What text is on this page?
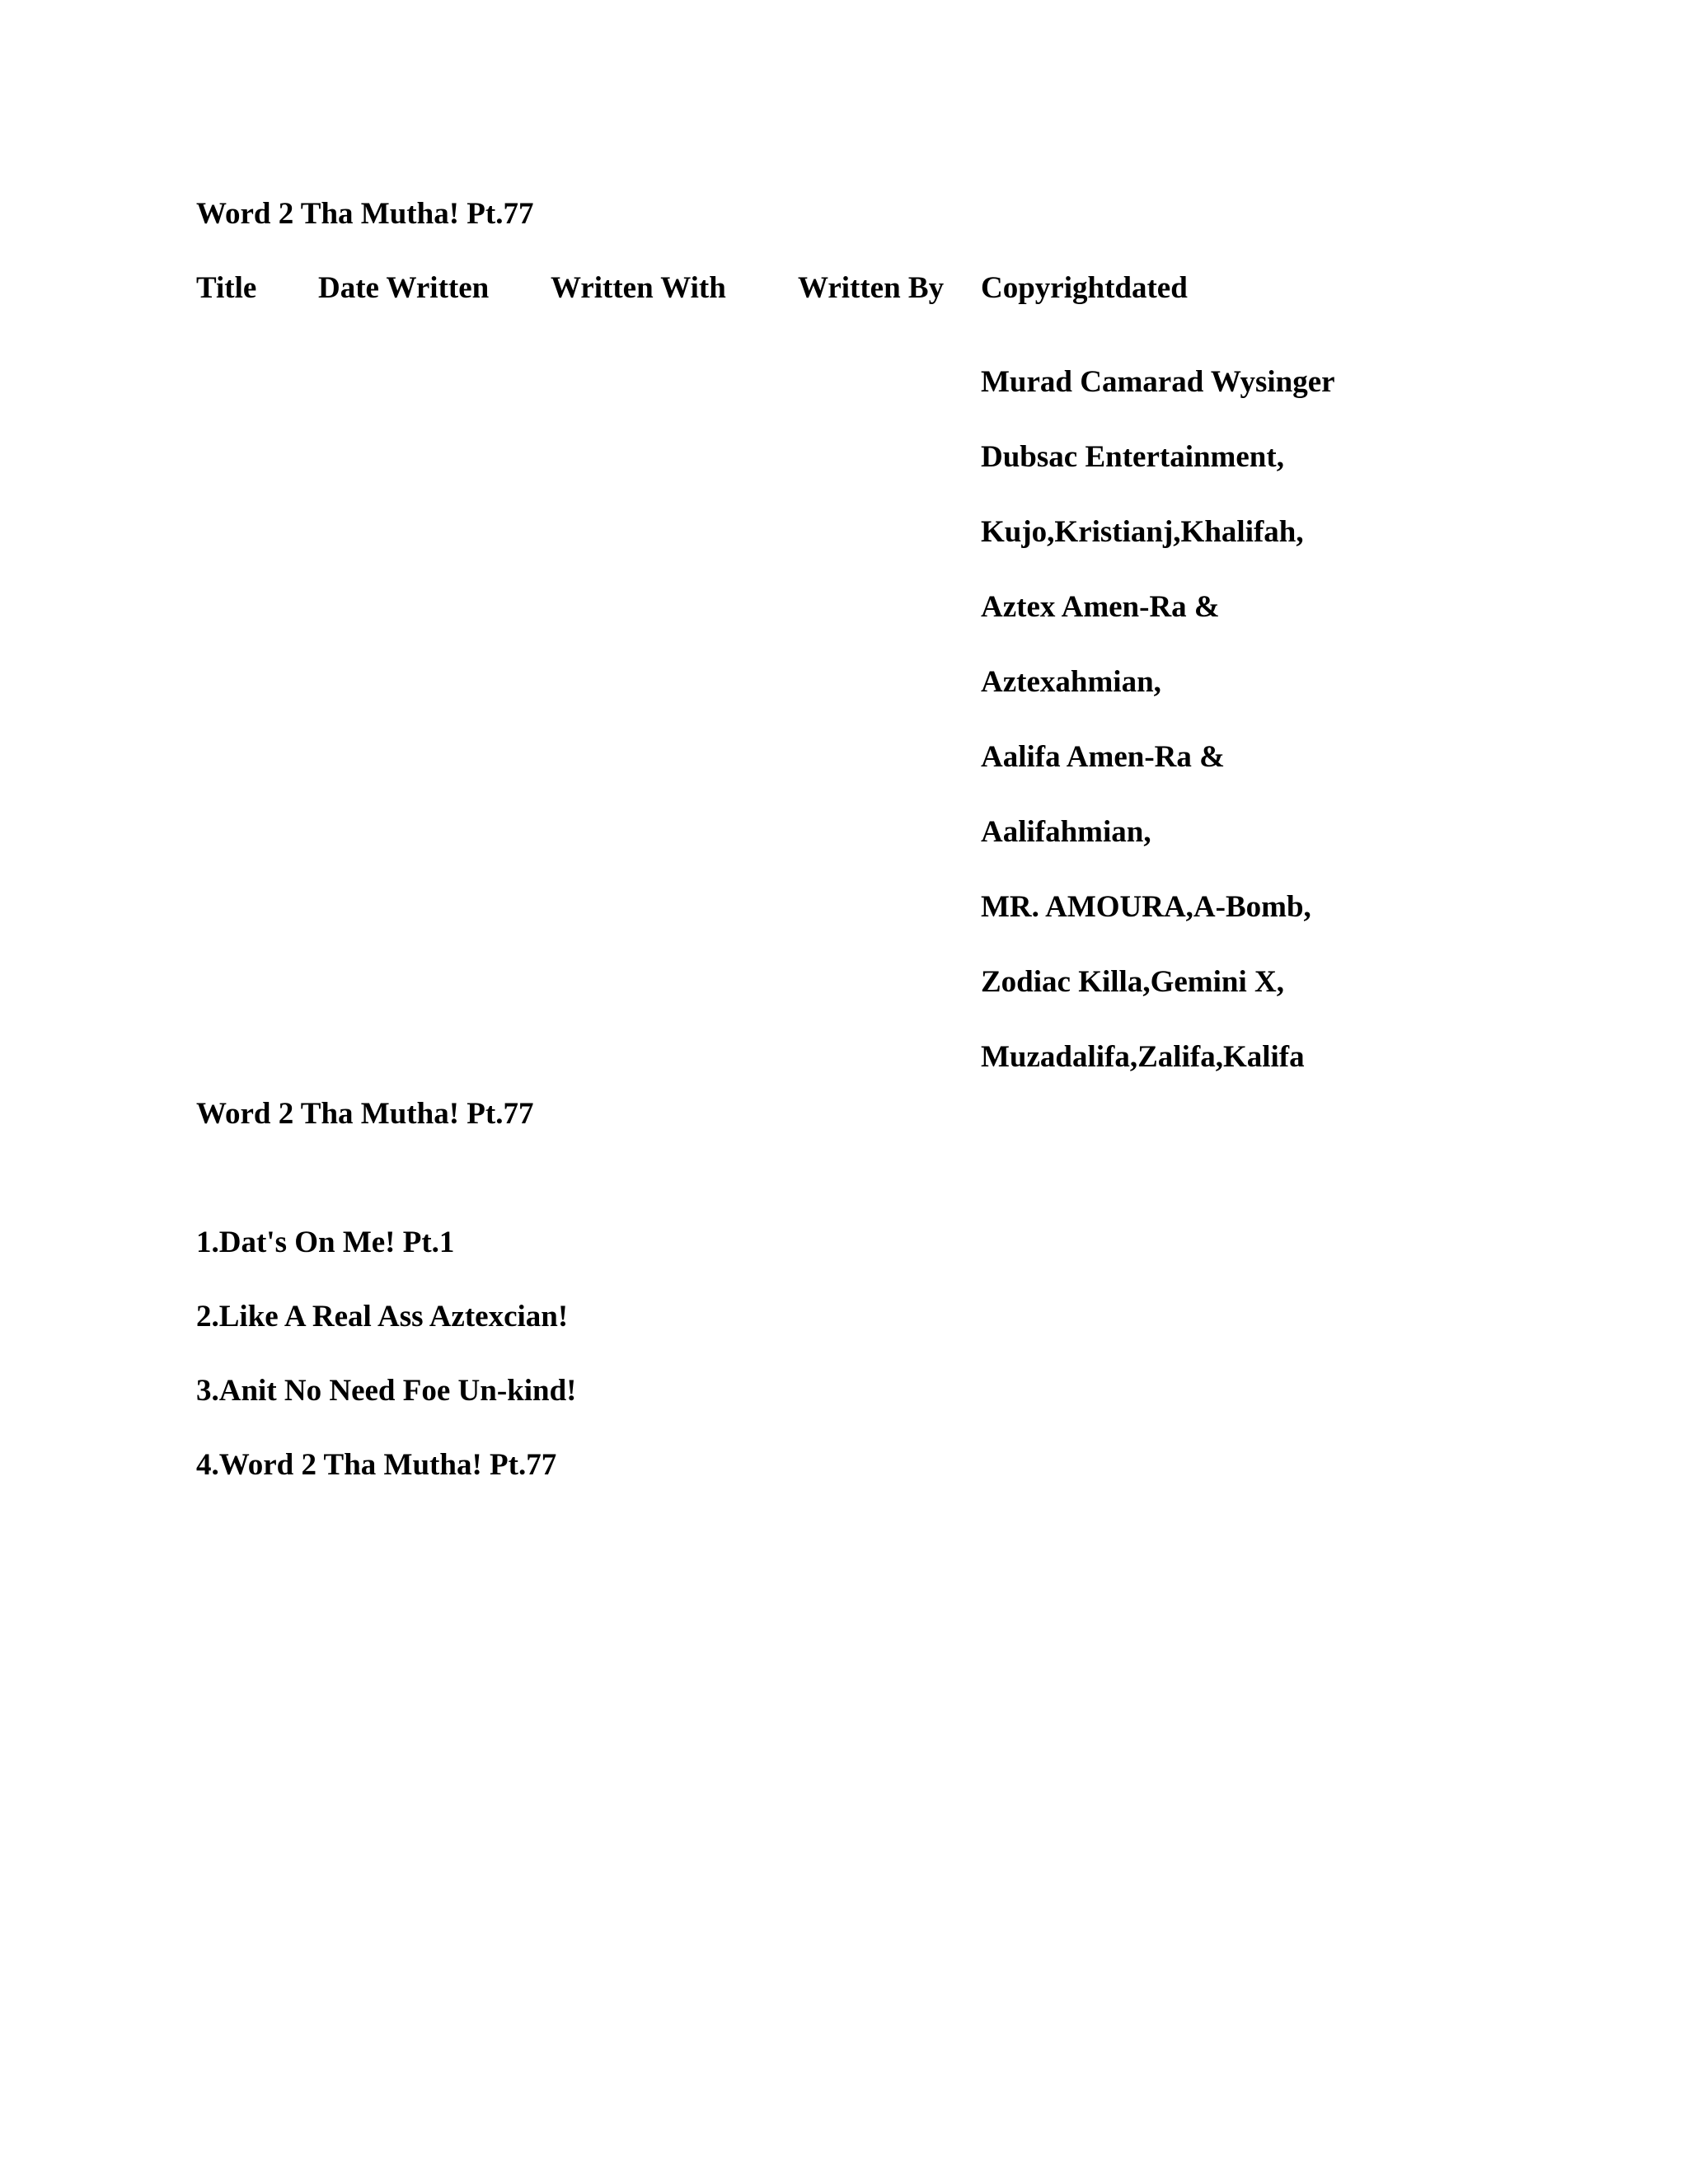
Word 2 Tha Mutha! Pt.77
Title Date Written Written With Written By Copyrightdated
Murad Camarad Wysinger
Dubsac Entertainment,
Kujo,Kristianj,Khalifah,
Aztex Amen-Ra &
Aztexahmian,
Aalifa Amen-Ra &
Aalifahmian,
MR. AMOURA,A-Bomb,
Zodiac Killa,Gemini X,
Muzadalifa,Zalifa,Kalifa
Word 2 Tha Mutha! Pt.77
1.Dat's On Me! Pt.1
2.Like A Real Ass Aztexcian!
3.Anit No Need Foe Un-kind!
4.Word 2 Tha Mutha! Pt.77
